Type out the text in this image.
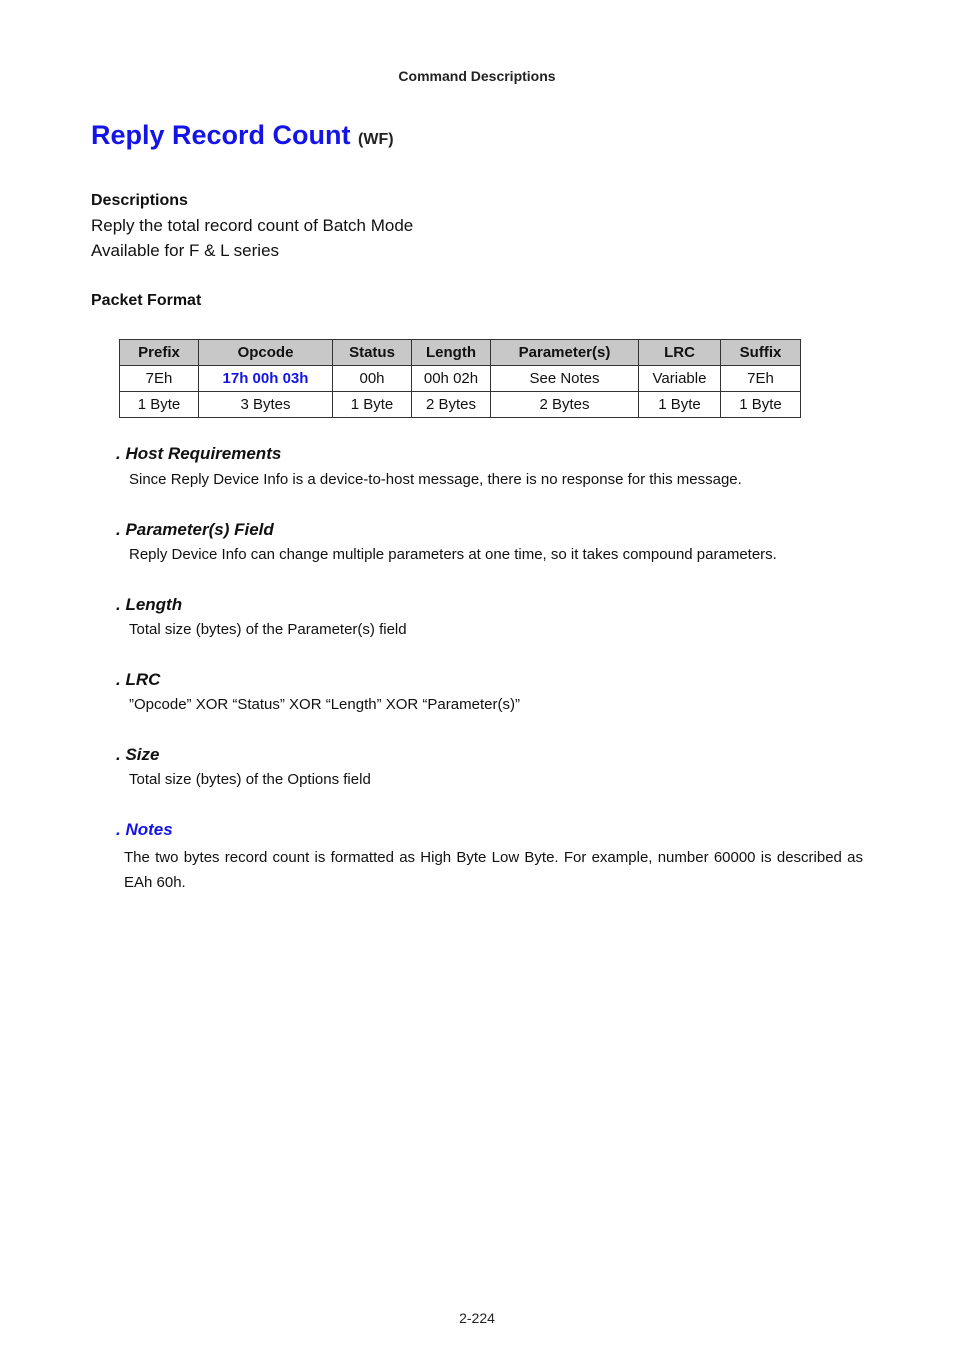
Command Descriptions
Reply Record Count (WF)
Descriptions
Reply the total record count of Batch Mode
Available for F & L series
Packet Format
Prefix	Opcode	Status	Length	Parameter(s)	LRC	Suffix
7Eh	17h 00h 03h	00h	00h 02h	See Notes	Variable	7Eh
1 Byte	3 Bytes	1 Byte	2 Bytes	2 Bytes	1 Byte	1 Byte
. Host Requirements
Since Reply Device Info is a device-to-host message, there is no response for this message.
. Parameter(s) Field
Reply Device Info can change multiple parameters at one time, so it takes compound parameters.
. Length
Total size (bytes) of the Parameter(s) field
. LRC
”Opcode” XOR “Status” XOR “Length” XOR “Parameter(s)”
. Size
Total size (bytes) of the Options field
. Notes
The two bytes record count is formatted as High Byte Low Byte. For example, number 60000 is described as EAh 60h.
2-224
